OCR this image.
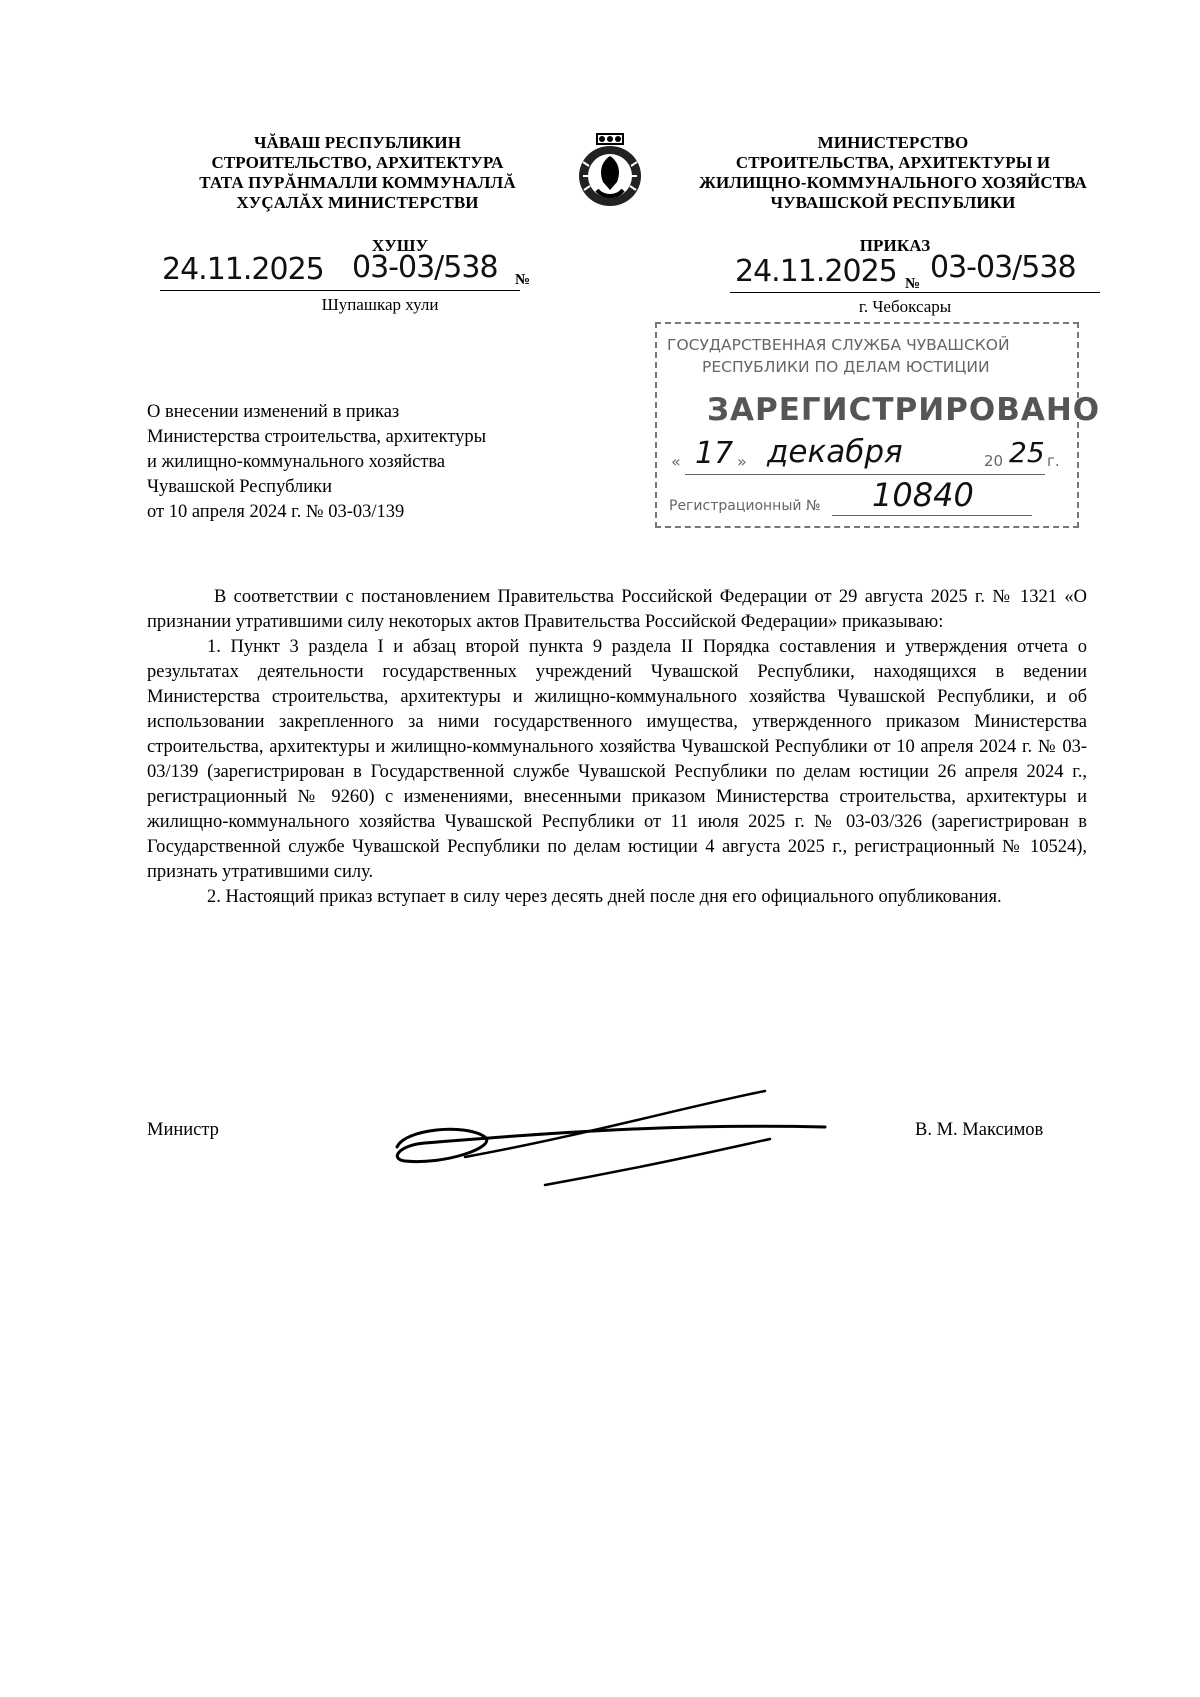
ЧĂВАШ РЕСПУБЛИКИН
СТРОИТЕЛЬСТВО, АРХИТЕКТУРА
ТАТА ПУРĂНМАЛЛИ КОММУНАЛЛĂ
ХУÇАЛĂХ МИНИСТЕРСТВИ
ХУШУ
24.11.2025 03-03/538 №
Шупашкар хули
МИНИСТЕРСТВО
СТРОИТЕЛЬСТВА, АРХИТЕКТУРЫ И
ЖИЛИЩНО-КОММУНАЛЬНОГО ХОЗЯЙСТВА
ЧУВАШСКОЙ РЕСПУБЛИКИ
ПРИКАЗ
24.11.2025 № 03-03/538
г. Чебоксары
ГОСУДАРСТВЕННАЯ СЛУЖБА ЧУВАШСКОЙ
РЕСПУБЛИКИ ПО ДЕЛАМ ЮСТИЦИИ
ЗАРЕГИСТРИРОВАНО
« 17 » декабря	20 25 г.
Регистрационный № 10840
О внесении изменений в приказ
Министерства строительства, архитектуры
и жилищно-коммунального хозяйства
Чувашской Республики
от 10 апреля 2024 г. № 03-03/139

В соответствии с постановлением Правительства Российской Федерации от 29 августа 2025 г. № 1321 «О признании утратившими силу некоторых актов Правительства Российской Федерации» приказываю:

1. Пункт 3 раздела I и абзац второй пункта 9 раздела II Порядка составления и утверждения отчета о результатах деятельности государственных учреждений Чувашской Республики, находящихся в ведении Министерства строительства, архитектуры и жилищно-коммунального хозяйства Чувашской Республики, и об использовании закрепленного за ними государственного имущества, утвержденного приказом Министерства строительства, архитектуры и жилищно-коммунального хозяйства Чувашской Республики от 10 апреля 2024 г. № 03-03/139 (зарегистрирован в Государственной службе Чувашской Республики по делам юстиции 26 апреля 2024 г., регистрационный № 9260) с изменениями, внесенными приказом Министерства строительства, архитектуры и жилищно-коммунального хозяйства Чувашской Республики от 11 июля 2025 г. № 03-03/326 (зарегистрирован в Государственной службе Чувашской Республики по делам юстиции 4 августа 2025 г., регистрационный № 10524), признать утратившими силу.

2. Настоящий приказ вступает в силу через десять дней после дня его официального опубликования.

Министр	В. М. Максимов
